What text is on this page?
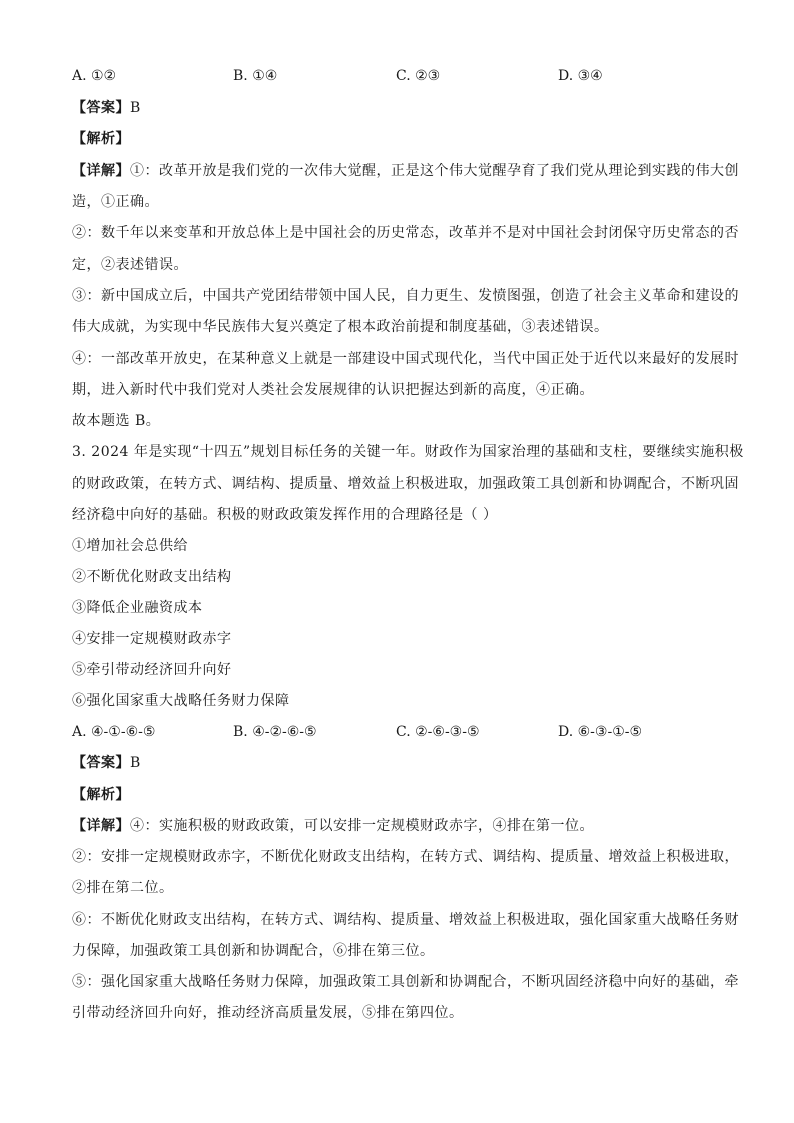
A. ①②	B. ①④	C. ②③	D. ③④
【答案】B
【解析】
【详解】①：改革开放是我们党的一次伟大觉醒，正是这个伟大觉醒孕育了我们党从理论到实践的伟大创
造，①正确。
②：数千年以来变革和开放总体上是中国社会的历史常态，改革并不是对中国社会封闭保守历史常态的否
定，②表述错误。
③：新中国成立后，中国共产党团结带领中国人民，自力更生、发愤图强，创造了社会主义革命和建设的
伟大成就，为实现中华民族伟大复兴奠定了根本政治前提和制度基础，③表述错误。
④：一部改革开放史，在某种意义上就是一部建设中国式现代化，当代中国正处于近代以来最好的发展时
期，进入新时代中我们党对人类社会发展规律的认识把握达到新的高度，④正确。
故本题选 B。
3. 2024 年是实现“十四五”规划目标任务的关键一年。财政作为国家治理的基础和支柱，要继续实施积极
的财政政策，在转方式、调结构、提质量、增效益上积极进取，加强政策工具创新和协调配合，不断巩固
经济稳中向好的基础。积极的财政政策发挥作用的合理路径是（ ）
①增加社会总供给
②不断优化财政支出结构
③降低企业融资成本
④安排一定规模财政赤字
⑤牵引带动经济回升向好
⑥强化国家重大战略任务财力保障
A. ④-①-⑥-⑤	B. ④-②-⑥-⑤	C. ②-⑥-③-⑤	D. ⑥-③-①-⑤
【答案】B
【解析】
【详解】④：实施积极的财政政策，可以安排一定规模财政赤字，④排在第一位。
②：安排一定规模财政赤字，不断优化财政支出结构，在转方式、调结构、提质量、增效益上积极进取，
②排在第二位。
⑥：不断优化财政支出结构，在转方式、调结构、提质量、增效益上积极进取，强化国家重大战略任务财
力保障，加强政策工具创新和协调配合，⑥排在第三位。
⑤：强化国家重大战略任务财力保障，加强政策工具创新和协调配合，不断巩固经济稳中向好的基础，牵
引带动经济回升向好，推动经济高质量发展，⑤排在第四位。
